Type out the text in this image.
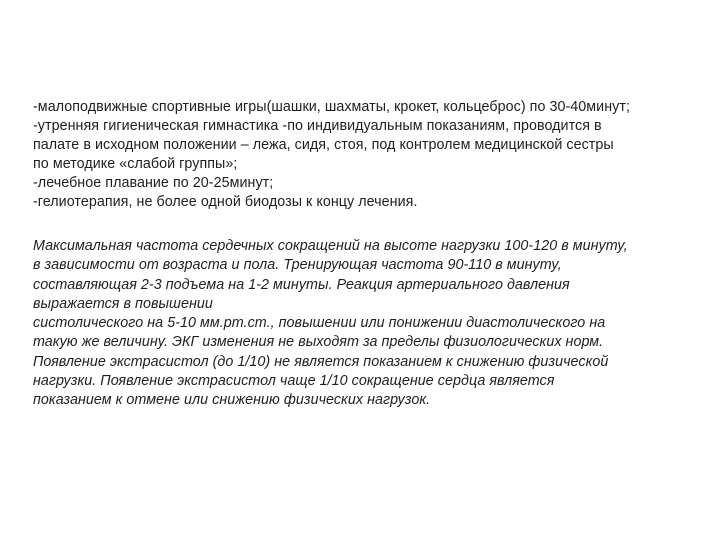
-малоподвижные спортивные игры(шашки, шахматы, крокет, кольцеброс) по 30-40минут;
-утренняя гигиеническая гимнастика -по индивидуальным показаниям, проводится в
палате в исходном положении – лежа, сидя, стоя, под контролем медицинской сестры
по методике «слабой группы»;
-лечебное плавание по 20-25минут;
-гелиотерапия, не более одной биодозы к концу лечения.
Максимальная частота сердечных сокращений на высоте нагрузки 100-120 в минуту,
в зависимости от возраста и пола. Тренирующая частота 90-110 в минуту,
составляющая 2-3 подъема на 1-2 минуты. Реакция артериального давления
выражается в повышении
систолического на 5-10 мм.рт.ст., повышении или понижении диастолического на
такую же величину. ЭКГ изменения не выходят за пределы физиологических норм.
Появление экстрасистол (до 1/10) не является показанием к снижению физической
нагрузки. Появление экстрасистол чаще 1/10 сокращение сердца является
показанием к отмене или снижению физических нагрузок.
